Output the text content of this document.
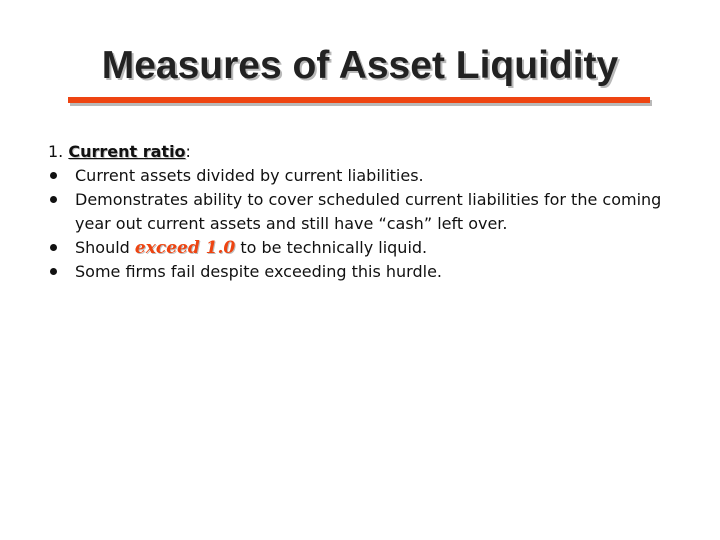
Measures of Asset Liquidity
1. Current ratio:
Current assets divided by current liabilities.
Demonstrates ability to cover scheduled current liabilities for the coming year out current assets and still have “cash” left over.
Should exceed 1.0 to be technically liquid.
Some firms fail despite exceeding this hurdle.
